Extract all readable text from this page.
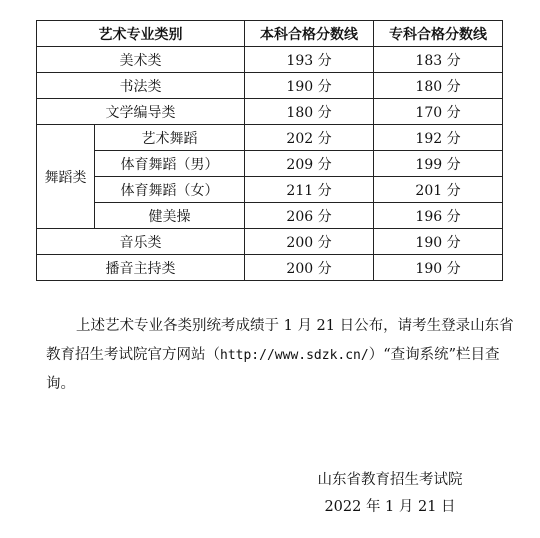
艺术专业类别		本科合格分数线	专科合格分数线
美术类		193 分	183 分
书法类		190 分	180 分
文学编导类		180 分	170 分
舞蹈类	艺术舞蹈	202 分	192 分
	体育舞蹈（男）	209 分	199 分
	体育舞蹈（女）	211 分	201 分
	健美操	206 分	196 分
音乐类		200 分	190 分
播音主持类		200 分	190 分

上述艺术专业各类别统考成绩于 1 月 21 日公布，请考生登录山东省教育招生考试院官方网站（http://www.sdzk.cn/）“查询系统”栏目查询。

山东省教育招生考试院

2022 年 1 月 21 日
